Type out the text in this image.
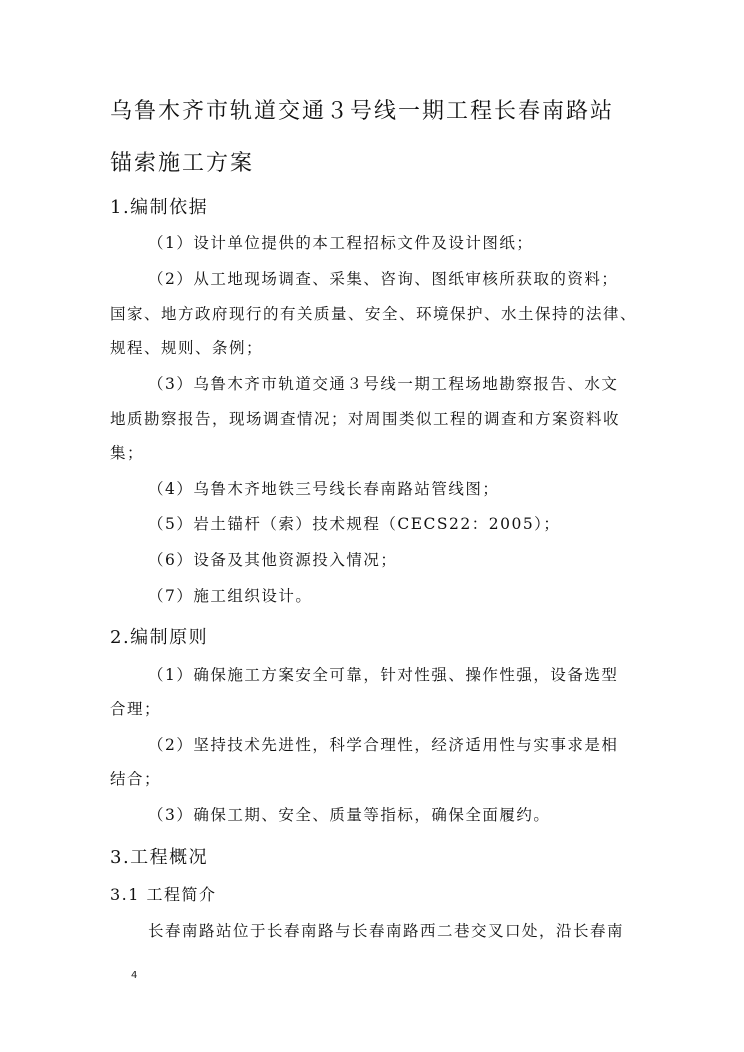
乌鲁木齐市轨道交通３号线一期工程长春南路站
锚索施工方案
1.编制依据
（1）设计单位提供的本工程招标文件及设计图纸；
（2）从工地现场调查、采集、咨询、图纸审核所获取的资料；
国家、地方政府现行的有关质量、安全、环境保护、水土保持的法律、
规程、规则、条例；
（3）乌鲁木齐市轨道交通３号线一期工程场地勘察报告、水文
地质勘察报告，现场调查情况；对周围类似工程的调查和方案资料收
集；
（4）乌鲁木齐地铁三号线长春南路站管线图；
（5）岩土锚杆（索）技术规程（CECS22：2005）；
（6）设备及其他资源投入情况；
（7）施工组织设计。
2.编制原则
（1）确保施工方案安全可靠，针对性强、操作性强，设备选型
合理；
（2）坚持技术先进性，科学合理性，经济适用性与实事求是相
结合；
（3）确保工期、安全、质量等指标，确保全面履约。
3.工程概况
3.1 工程简介
长春南路站位于长春南路与长春南路西二巷交叉口处，沿长春南
4
